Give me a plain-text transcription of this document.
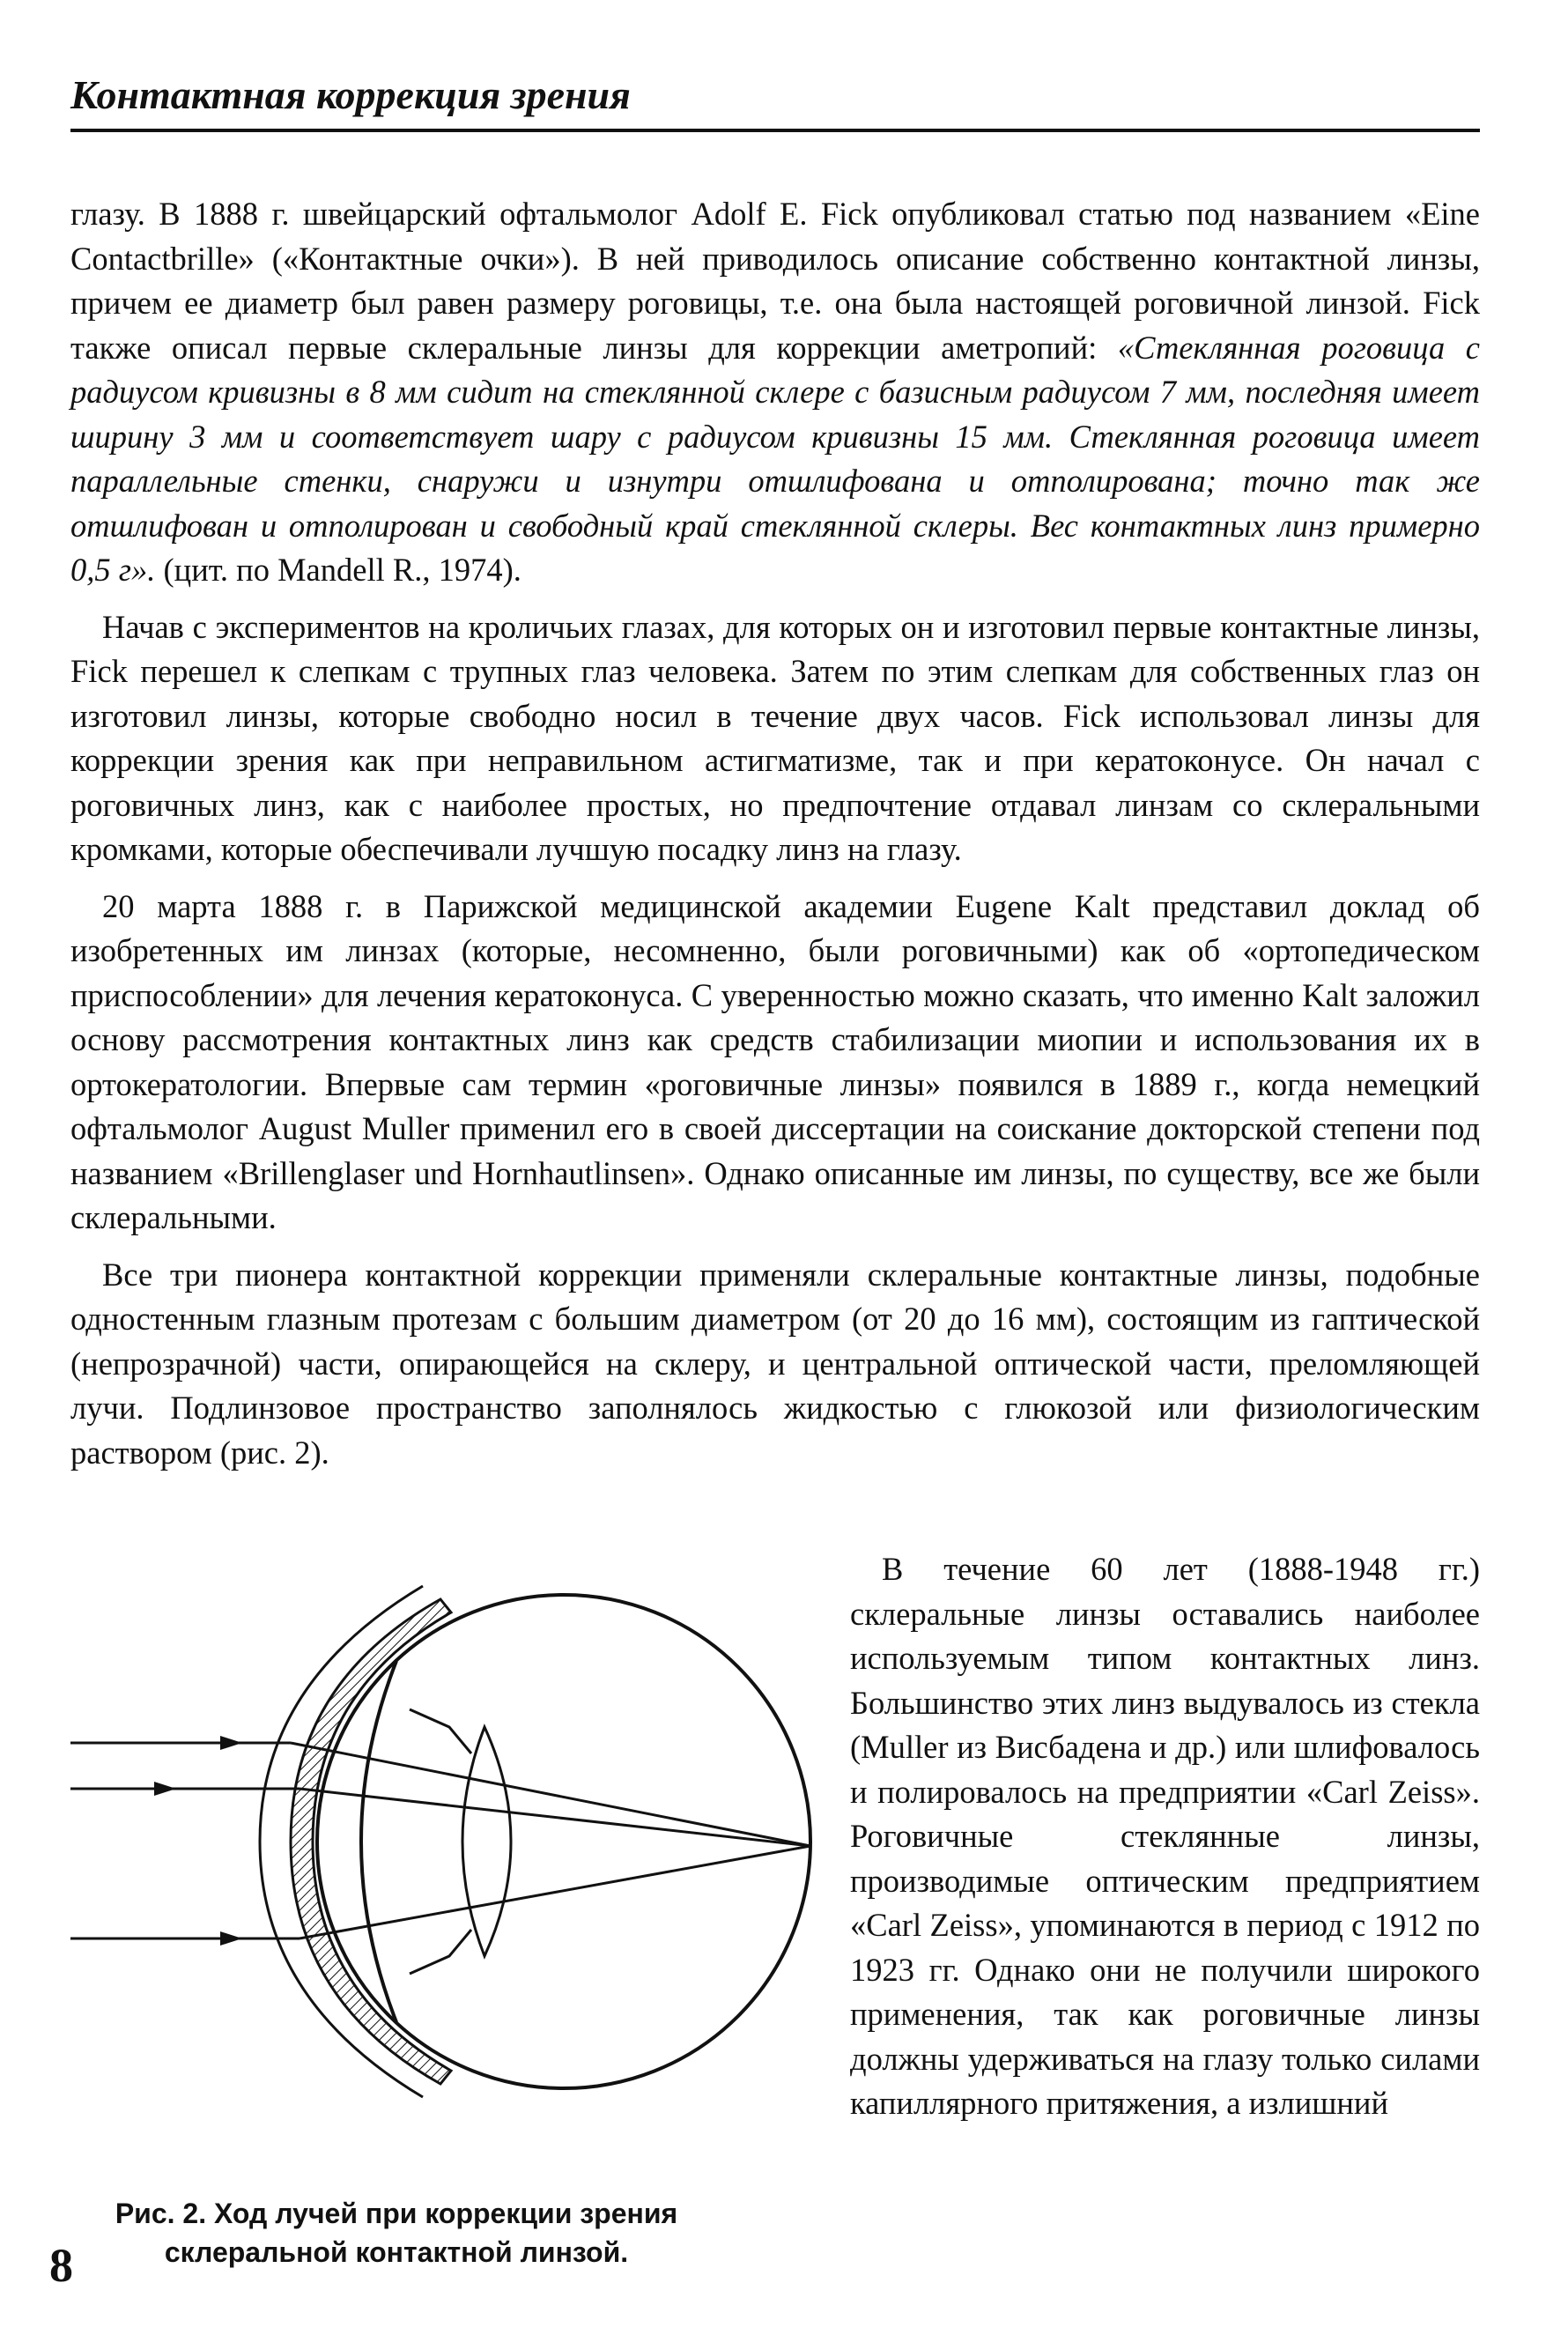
Контактная коррекция зрения

глазу. В 1888 г. швейцарский офтальмолог Adolf E. Fick опубликовал статью под названием «Eine Contactbrille» («Контактные очки»). В ней приводилось описание собственно контактной линзы, причем ее диаметр был равен размеру роговицы, т.е. она была настоящей роговичной линзой. Fick также описал первые склеральные линзы для коррекции аметропий: «Стеклянная роговица с радиусом кривизны в 8 мм сидит на стеклянной склере с базисным радиусом 7 мм, последняя имеет ширину 3 мм и соответствует шару с радиусом кривизны 15 мм. Стеклянная роговица имеет параллельные стенки, снаружи и изнутри отшлифована и отполирована; точно так же отшлифован и отполирован и свободный край стеклянной склеры. Вес контактных линз примерно 0,5 г». (цит. по Mandell R., 1974).

Начав с экспериментов на кроличьих глазах, для которых он и изготовил первые контактные линзы, Fick перешел к слепкам с трупных глаз человека. Затем по этим слепкам для собственных глаз он изготовил линзы, которые свободно носил в течение двух часов. Fick использовал линзы для коррекции зрения как при неправильном астигматизме, так и при кератоконусе. Он начал с роговичных линз, как с наиболее простых, но предпочтение отдавал линзам со склеральными кромками, которые обеспечивали лучшую посадку линз на глазу.

20 марта 1888 г. в Парижской медицинской академии Eugene Kalt представил доклад об изобретенных им линзах (которые, несомненно, были роговичными) как об «ортопедическом приспособлении» для лечения кератоконуса. С уверенностью можно сказать, что именно Kalt заложил основу рассмотрения контактных линз как средств стабилизации миопии и использования их в ортокератологии. Впервые сам термин «роговичные линзы» появился в 1889 г., когда немецкий офтальмолог August Muller применил его в своей диссертации на соискание докторской степени под названием «Brillenglaser und Hornhautlinsen». Однако описанные им линзы, по существу, все же были склеральными.

Все три пионера контактной коррекции применяли склеральные контактные линзы, подобные одностенным глазным протезам с большим диаметром (от 20 до 16 мм), состоящим из гаптической (непрозрачной) части, опирающейся на склеру, и центральной оптической части, преломляющей лучи. Подлинзовое пространство заполнялось жидкостью с глюкозой или физиологическим раствором (рис. 2).

Рис. 2. Ход лучей при коррекции зрения
склеральной контактной линзой.

В течение 60 лет (1888-1948 гг.) склеральные линзы оставались наиболее используемым типом контактных линз. Большинство этих линз выдувалось из стекла (Muller из Висбадена и др.) или шлифовалось и полировалось на предприятии «Carl Zeiss». Роговичные стеклянные линзы, производимые оптическим предприятием «Carl Zeiss», упоминаются в период с 1912 по 1923 гг. Однако они не получили широкого применения, так как роговичные линзы должны удерживаться на глазу только силами капиллярного притяжения, а излишний

8
